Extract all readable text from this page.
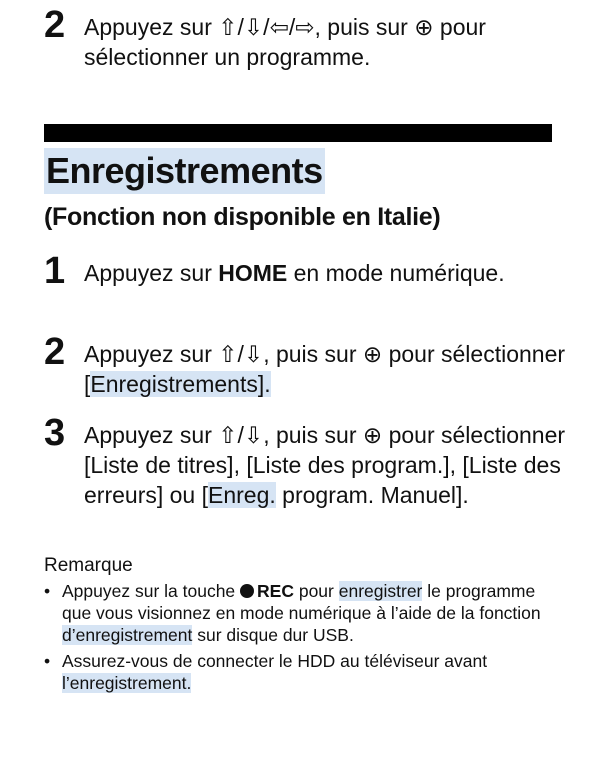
2 Appuyez sur ⇧/⇩/⇦/⇨, puis sur ⊕ pour sélectionner un programme.
Enregistrements
(Fonction non disponible en Italie)
1 Appuyez sur HOME en mode numérique.
2 Appuyez sur ⇧/⇩, puis sur ⊕ pour sélectionner [Enregistrements].
3 Appuyez sur ⇧/⇩, puis sur ⊕ pour sélectionner [Liste de titres], [Liste des program.], [Liste des erreurs] ou [Enreg. program. Manuel].
Remarque
• Appuyez sur la touche REC pour enregistrer le programme que vous visionnez en mode numérique à l’aide de la fonction d’enregistrement sur disque dur USB.
• Assurez-vous de connecter le HDD au téléviseur avant l’enregistrement.
